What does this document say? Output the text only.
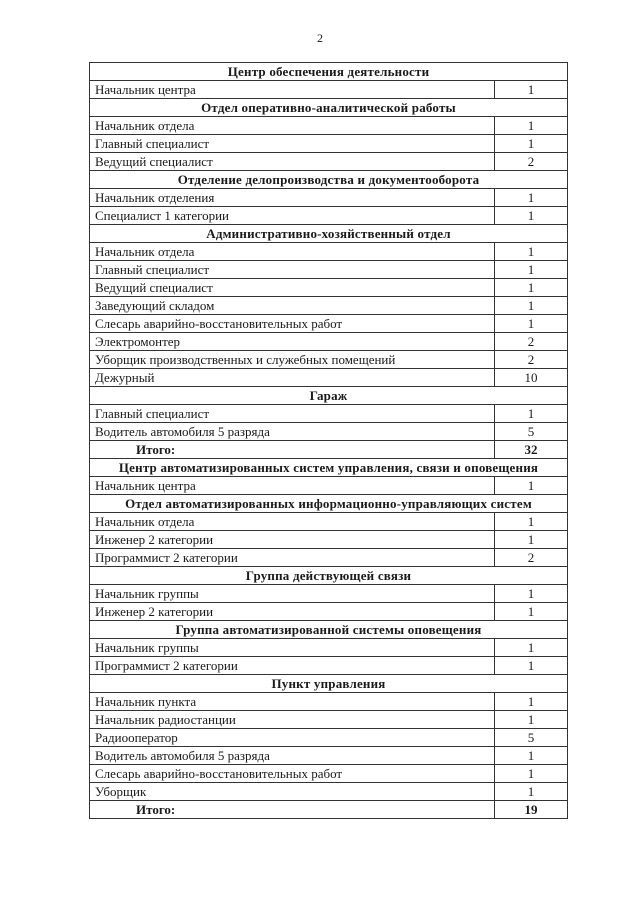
2
Центр обеспечения деятельности	
Начальник центра	1
Отдел оперативно-аналитической работы	
Начальник отдела	1
Главный специалист	1
Ведущий специалист	2
Отделение делопроизводства и документооборота	
Начальник отделения	1
Специалист 1 категории	1
Административно-хозяйственный отдел	
Начальник отдела	1
Главный специалист	1
Ведущий специалист	1
Заведующий складом	1
Слесарь аварийно-восстановительных работ	1
Электромонтер	2
Уборщик производственных и служебных помещений	2
Дежурный	10
Гараж	
Главный специалист	1
Водитель автомобиля 5 разряда	5
Итого:	32
Центр автоматизированных систем управления, связи и оповещения	
Начальник центра	1
Отдел автоматизированных информационно-управляющих систем	
Начальник отдела	1
Инженер 2 категории	1
Программист 2 категории	2
Группа действующей связи	
Начальник группы	1
Инженер 2 категории	1
Группа автоматизированной системы оповещения	
Начальник группы	1
Программист 2 категории	1
Пункт управления	
Начальник пункта	1
Начальник радиостанции	1
Радиооператор	5
Водитель автомобиля 5 разряда	1
Слесарь аварийно-восстановительных работ	1
Уборщик	1
Итого:	19
